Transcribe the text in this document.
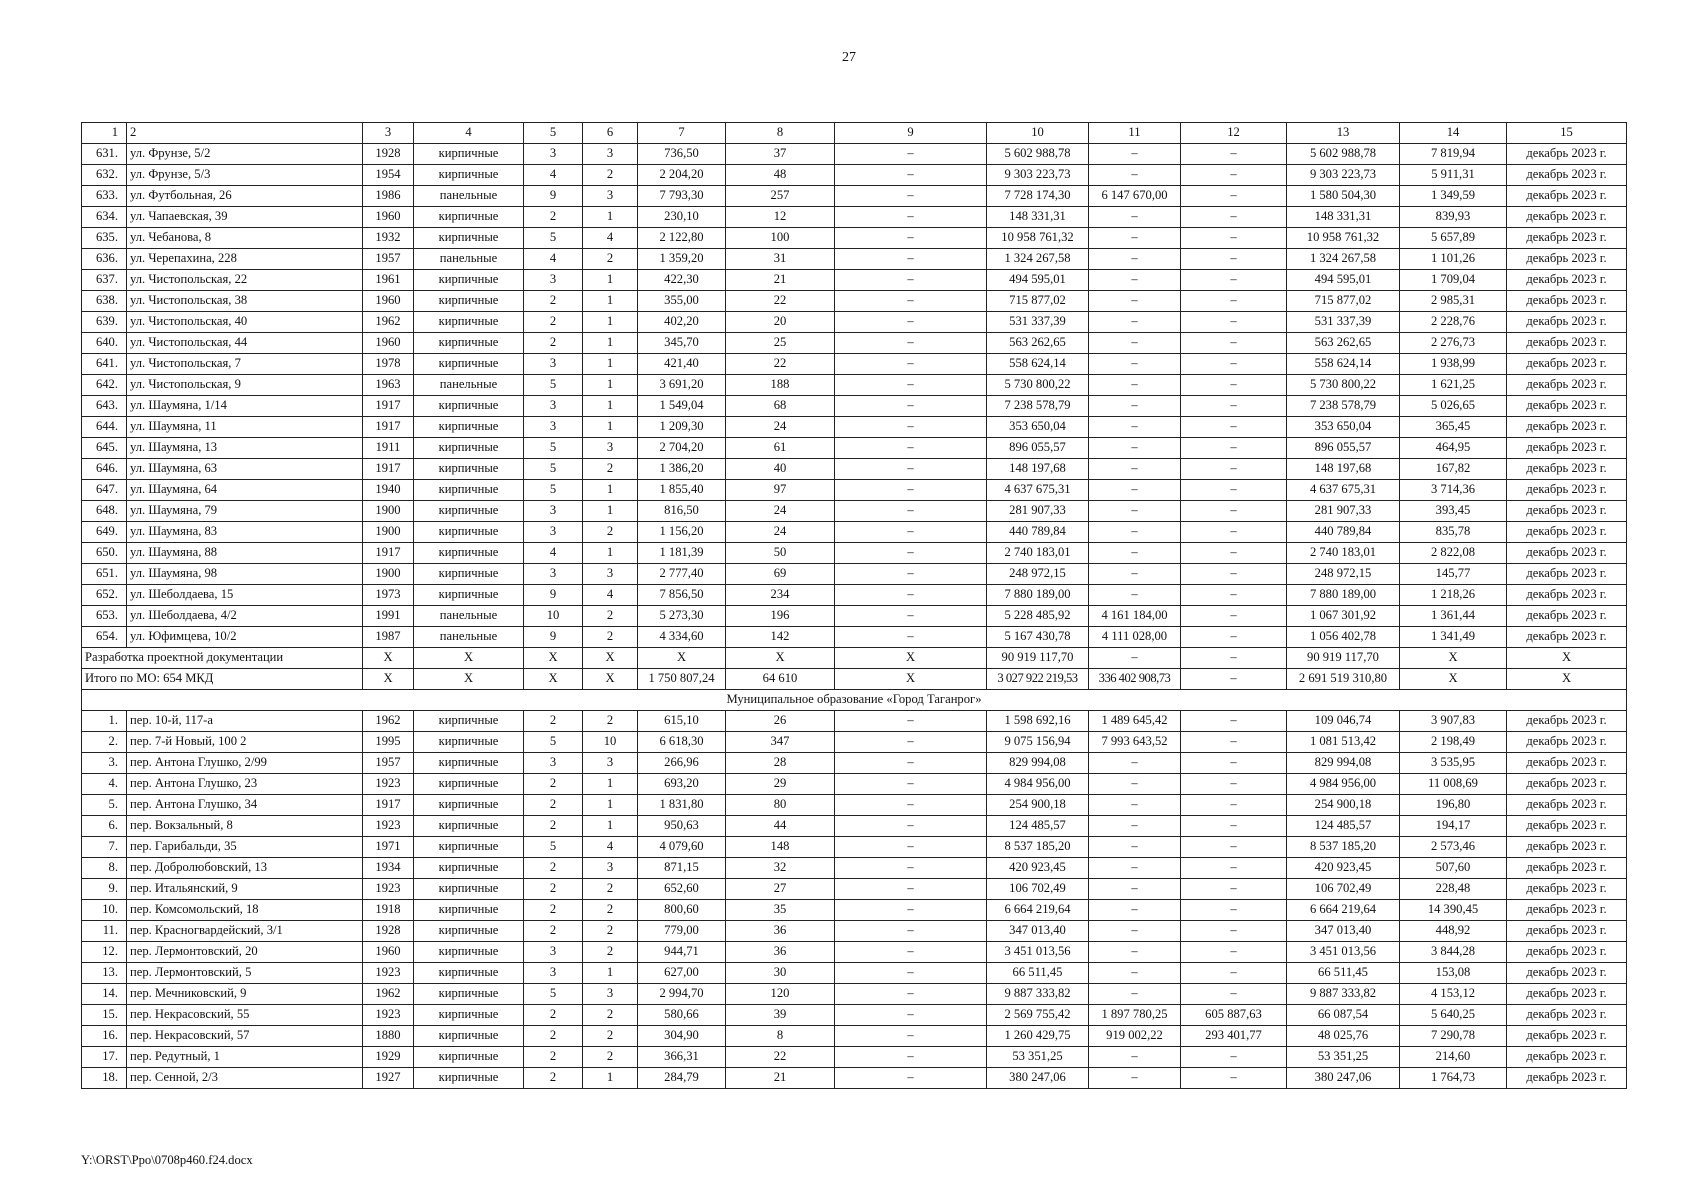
27
1	2	3	4	5	6	7	8	9	10	11	12	13	14	15
631.	ул. Фрунзе, 5/2	1928	кирпичные	3	3	736,50	37	–	5 602 988,78	–	–	5 602 988,78	7 819,94	декабрь 2023 г.
632.	ул. Фрунзе, 5/3	1954	кирпичные	4	2	2 204,20	48	–	9 303 223,73	–	–	9 303 223,73	5 911,31	декабрь 2023 г.
633.	ул. Футбольная, 26	1986	панельные	9	3	7 793,30	257	–	7 728 174,30	6 147 670,00	–	1 580 504,30	1 349,59	декабрь 2023 г.
634.	ул. Чапаевская, 39	1960	кирпичные	2	1	230,10	12	–	148 331,31	–	–	148 331,31	839,93	декабрь 2023 г.
635.	ул. Чебанова, 8	1932	кирпичные	5	4	2 122,80	100	–	10 958 761,32	–	–	10 958 761,32	5 657,89	декабрь 2023 г.
636.	ул. Черепахина, 228	1957	панельные	4	2	1 359,20	31	–	1 324 267,58	–	–	1 324 267,58	1 101,26	декабрь 2023 г.
637.	ул. Чистопольская, 22	1961	кирпичные	3	1	422,30	21	–	494 595,01	–	–	494 595,01	1 709,04	декабрь 2023 г.
638.	ул. Чистопольская, 38	1960	кирпичные	2	1	355,00	22	–	715 877,02	–	–	715 877,02	2 985,31	декабрь 2023 г.
639.	ул. Чистопольская, 40	1962	кирпичные	2	1	402,20	20	–	531 337,39	–	–	531 337,39	2 228,76	декабрь 2023 г.
640.	ул. Чистопольская, 44	1960	кирпичные	2	1	345,70	25	–	563 262,65	–	–	563 262,65	2 276,73	декабрь 2023 г.
641.	ул. Чистопольская, 7	1978	кирпичные	3	1	421,40	22	–	558 624,14	–	–	558 624,14	1 938,99	декабрь 2023 г.
642.	ул. Чистопольская, 9	1963	панельные	5	1	3 691,20	188	–	5 730 800,22	–	–	5 730 800,22	1 621,25	декабрь 2023 г.
643.	ул. Шаумяна, 1/14	1917	кирпичные	3	1	1 549,04	68	–	7 238 578,79	–	–	7 238 578,79	5 026,65	декабрь 2023 г.
644.	ул. Шаумяна, 11	1917	кирпичные	3	1	1 209,30	24	–	353 650,04	–	–	353 650,04	365,45	декабрь 2023 г.
645.	ул. Шаумяна, 13	1911	кирпичные	5	3	2 704,20	61	–	896 055,57	–	–	896 055,57	464,95	декабрь 2023 г.
646.	ул. Шаумяна, 63	1917	кирпичные	5	2	1 386,20	40	–	148 197,68	–	–	148 197,68	167,82	декабрь 2023 г.
647.	ул. Шаумяна, 64	1940	кирпичные	5	1	1 855,40	97	–	4 637 675,31	–	–	4 637 675,31	3 714,36	декабрь 2023 г.
648.	ул. Шаумяна, 79	1900	кирпичные	3	1	816,50	24	–	281 907,33	–	–	281 907,33	393,45	декабрь 2023 г.
649.	ул. Шаумяна, 83	1900	кирпичные	3	2	1 156,20	24	–	440 789,84	–	–	440 789,84	835,78	декабрь 2023 г.
650.	ул. Шаумяна, 88	1917	кирпичные	4	1	1 181,39	50	–	2 740 183,01	–	–	2 740 183,01	2 822,08	декабрь 2023 г.
651.	ул. Шаумяна, 98	1900	кирпичные	3	3	2 777,40	69	–	248 972,15	–	–	248 972,15	145,77	декабрь 2023 г.
652.	ул. Шеболдаева, 15	1973	кирпичные	9	4	7 856,50	234	–	7 880 189,00	–	–	7 880 189,00	1 218,26	декабрь 2023 г.
653.	ул. Шеболдаева, 4/2	1991	панельные	10	2	5 273,30	196	–	5 228 485,92	4 161 184,00	–	1 067 301,92	1 361,44	декабрь 2023 г.
654.	ул. Юфимцева, 10/2	1987	панельные	9	2	4 334,60	142	–	5 167 430,78	4 111 028,00	–	1 056 402,78	1 341,49	декабрь 2023 г.
Разработка проектной документации		X	X	X	X	X	X	X	90 919 117,70	–	–	90 919 117,70	X	X
Итого по МО: 654 МКД		X	X	X	X	1 750 807,24	64 610	X	3 027 922 219,53	336 402 908,73	–	2 691 519 310,80	X	X
Муниципальное образование «Город Таганрог»														
1.	пер. 10-й, 117-а	1962	кирпичные	2	2	615,10	26	–	1 598 692,16	1 489 645,42	–	109 046,74	3 907,83	декабрь 2023 г.
2.	пер. 7-й Новый, 100 2	1995	кирпичные	5	10	6 618,30	347	–	9 075 156,94	7 993 643,52	–	1 081 513,42	2 198,49	декабрь 2023 г.
3.	пер. Антона Глушко, 2/99	1957	кирпичные	3	3	266,96	28	–	829 994,08	–	–	829 994,08	3 535,95	декабрь 2023 г.
4.	пер. Антона Глушко, 23	1923	кирпичные	2	1	693,20	29	–	4 984 956,00	–	–	4 984 956,00	11 008,69	декабрь 2023 г.
5.	пер. Антона Глушко, 34	1917	кирпичные	2	1	1 831,80	80	–	254 900,18	–	–	254 900,18	196,80	декабрь 2023 г.
6.	пер. Вокзальный, 8	1923	кирпичные	2	1	950,63	44	–	124 485,57	–	–	124 485,57	194,17	декабрь 2023 г.
7.	пер. Гарибальди, 35	1971	кирпичные	5	4	4 079,60	148	–	8 537 185,20	–	–	8 537 185,20	2 573,46	декабрь 2023 г.
8.	пер. Добролюбовский, 13	1934	кирпичные	2	3	871,15	32	–	420 923,45	–	–	420 923,45	507,60	декабрь 2023 г.
9.	пер. Итальянский, 9	1923	кирпичные	2	2	652,60	27	–	106 702,49	–	–	106 702,49	228,48	декабрь 2023 г.
10.	пер. Комсомольский, 18	1918	кирпичные	2	2	800,60	35	–	6 664 219,64	–	–	6 664 219,64	14 390,45	декабрь 2023 г.
11.	пер. Красногвардейский, 3/1	1928	кирпичные	2	2	779,00	36	–	347 013,40	–	–	347 013,40	448,92	декабрь 2023 г.
12.	пер. Лермонтовский, 20	1960	кирпичные	3	2	944,71	36	–	3 451 013,56	–	–	3 451 013,56	3 844,28	декабрь 2023 г.
13.	пер. Лермонтовский, 5	1923	кирпичные	3	1	627,00	30	–	66 511,45	–	–	66 511,45	153,08	декабрь 2023 г.
14.	пер. Мечниковский, 9	1962	кирпичные	5	3	2 994,70	120	–	9 887 333,82	–	–	9 887 333,82	4 153,12	декабрь 2023 г.
15.	пер. Некрасовский, 55	1923	кирпичные	2	2	580,66	39	–	2 569 755,42	1 897 780,25	605 887,63	66 087,54	5 640,25	декабрь 2023 г.
16.	пер. Некрасовский, 57	1880	кирпичные	2	2	304,90	8	–	1 260 429,75	919 002,22	293 401,77	48 025,76	7 290,78	декабрь 2023 г.
17.	пер. Редутный, 1	1929	кирпичные	2	2	366,31	22	–	53 351,25	–	–	53 351,25	214,60	декабрь 2023 г.
18.	пер. Сенной, 2/3	1927	кирпичные	2	1	284,79	21	–	380 247,06	–	–	380 247,06	1 764,73	декабрь 2023 г.
Y:\ORST\Ppo\0708p460.f24.docx
